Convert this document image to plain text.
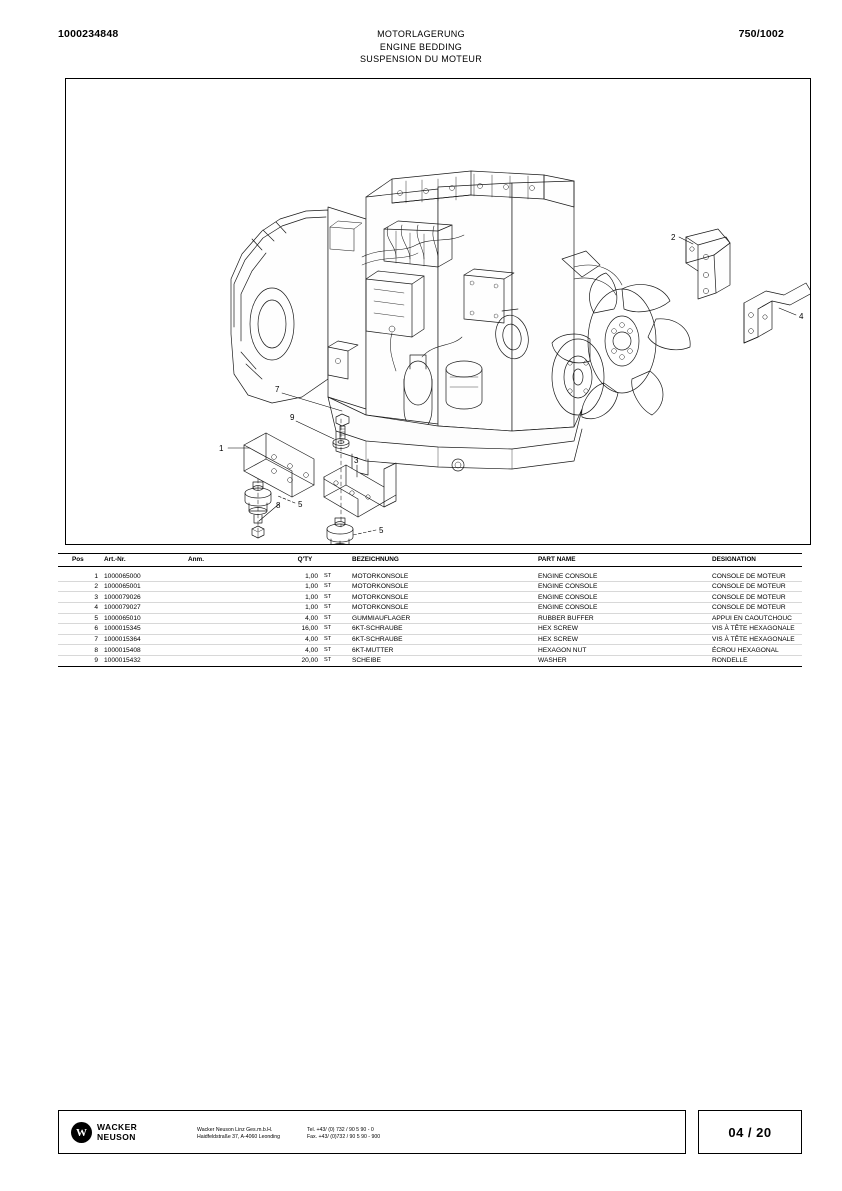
1000234848	MOTORLAGERUNG
ENGINE BEDDING
SUSPENSION DU MOTEUR
750/1002
1
2
3
4
5
5
7
8
9
Pos	Art.-Nr.	Anm.	Q'TY		BEZEICHNUNG	PART NAME	DESIGNATION
1	1000065000		1,00	ST	MOTORKONSOLE	ENGINE CONSOLE	CONSOLE DE MOTEUR
2	1000065001		1,00	ST	MOTORKONSOLE	ENGINE CONSOLE	CONSOLE DE MOTEUR
3	1000079026		1,00	ST	MOTORKONSOLE	ENGINE CONSOLE	CONSOLE DE MOTEUR
4	1000079027		1,00	ST	MOTORKONSOLE	ENGINE CONSOLE	CONSOLE DE MOTEUR
5	1000065010		4,00	ST	GUMMIAUFLAGER	RUBBER BUFFER	APPUI EN CAOUTCHOUC
6	1000015345		16,00	ST	6KT-SCHRAUBE	HEX SCREW	VIS À TÊTE HEXAGONALE
7	1000015364		4,00	ST	6KT-SCHRAUBE	HEX SCREW	VIS À TÊTE HEXAGONALE
8	1000015408		4,00	ST	6KT-MUTTER	HEXAGON NUT	ÉCROU HEXAGONAL
9	1000015432		20,00	ST	SCHEIBE	WASHER	RONDELLE
W	WACKER
NEUSON
Wacker Neuson Linz Ges.m.b.H.
Haidfeldstraße 37, A-4060 Leonding
Tel. +43/ (0) 732 / 90 5 90 - 0
Fax. +43/ (0)732 / 90 5 90 - 900	04 / 20
